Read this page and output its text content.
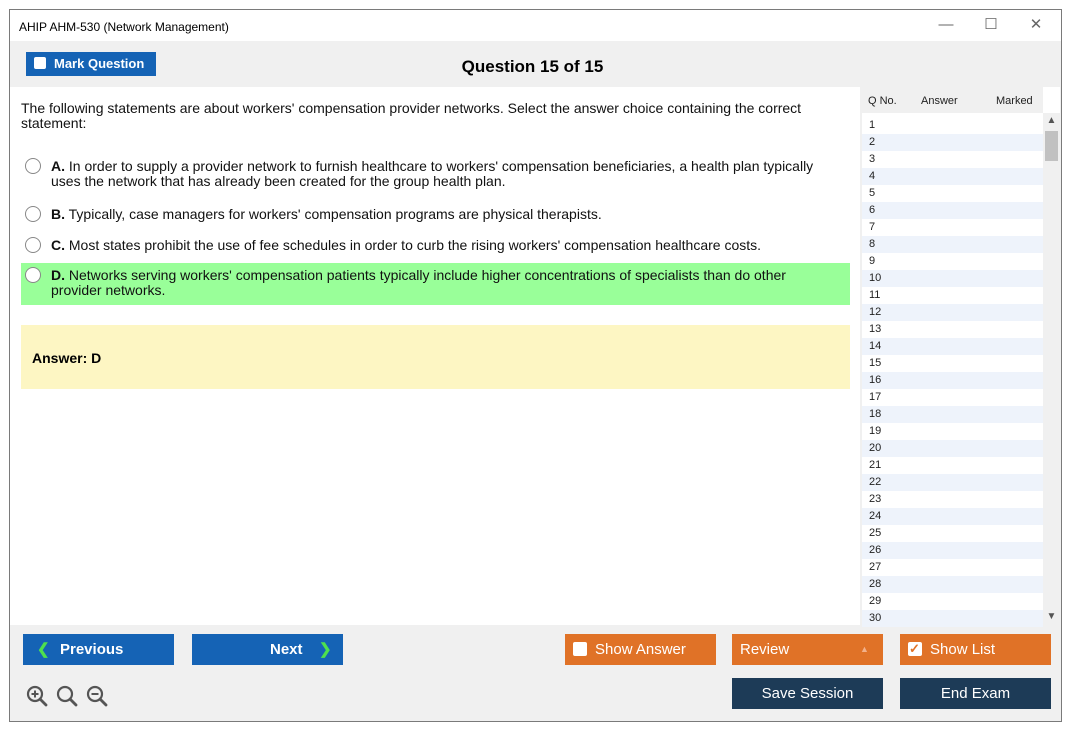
AHIP AHM-530 (Network Management)	—	☐	✕
Mark Question	Question 15 of 15
The following statements are about workers' compensation provider networks. Select the answer choice containing the correct statement:
A. In order to supply a provider network to furnish healthcare to workers' compensation beneficiaries, a health plan typically uses the network that has already been created for the group health plan.
B. Typically, case managers for workers' compensation programs are physical therapists.
C. Most states prohibit the use of fee schedules in order to curb the rising workers' compensation healthcare costs.
D. Networks serving workers' compensation patients typically include higher concentrations of specialists than do other provider networks.
Answer: D
Q No. Answer	Marked
1
2
3
4
5
6
7
8
9
10
11
12
13
14
15
16
17
18
19
20
21
22
23
24
25
26
27
28
29
30
▲
▼
❮ Previous	Next ❯	Show Answer	Review	▲
✓	Show List
Save Session	End Exam
